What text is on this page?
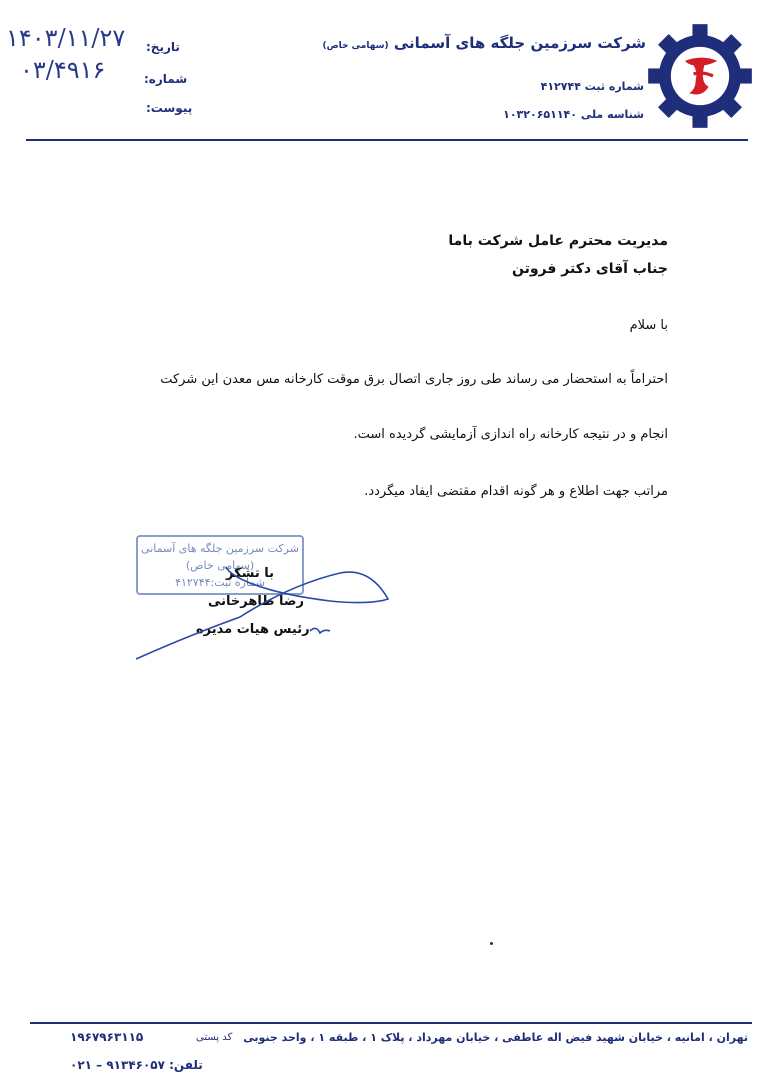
شرکت سرزمین جلگه های آسمانی (سهامی خاص)
شماره ثبت ۴۱۲۷۴۴
شناسه ملی ۱۰۳۲۰۶۵۱۱۴۰
تاریخ:
شماره:
پیوست:
۱۴۰۳/۱۱/۲۷
۰۳/۴۹۱۶
مدیریت محترم عامل شرکت باما
جناب آقای دکتر فروتن
با سلام
احتراماً به استحضار می رساند طی روز جاری اتصال برق موقت کارخانه مس معدن این شرکت
انجام و در نتیجه کارخانه راه اندازی آزمایشی گردیده است.
مراتب جهت اطلاع و هر گونه اقدام مقتضی ایفاد میگردد.
شرکت سرزمین جلگه های آسمانی
(سهامی خاص)
شماره ثبت:۴۱۲۷۴۴
با تشکر
رضا طاهرخانی
رئیس هیات مدیره
تهران ، امانیه ، خیابان شهید فیض اله عاطفی ، خیابان مهرداد ، پلاک ۱ ، طبقه ۱ ، واحد جنوبی
کد پستی
۱۹۶۷۹۶۳۱۱۵
تلفن: ۹۱۳۴۶۰۵۷ – ۰۲۱
